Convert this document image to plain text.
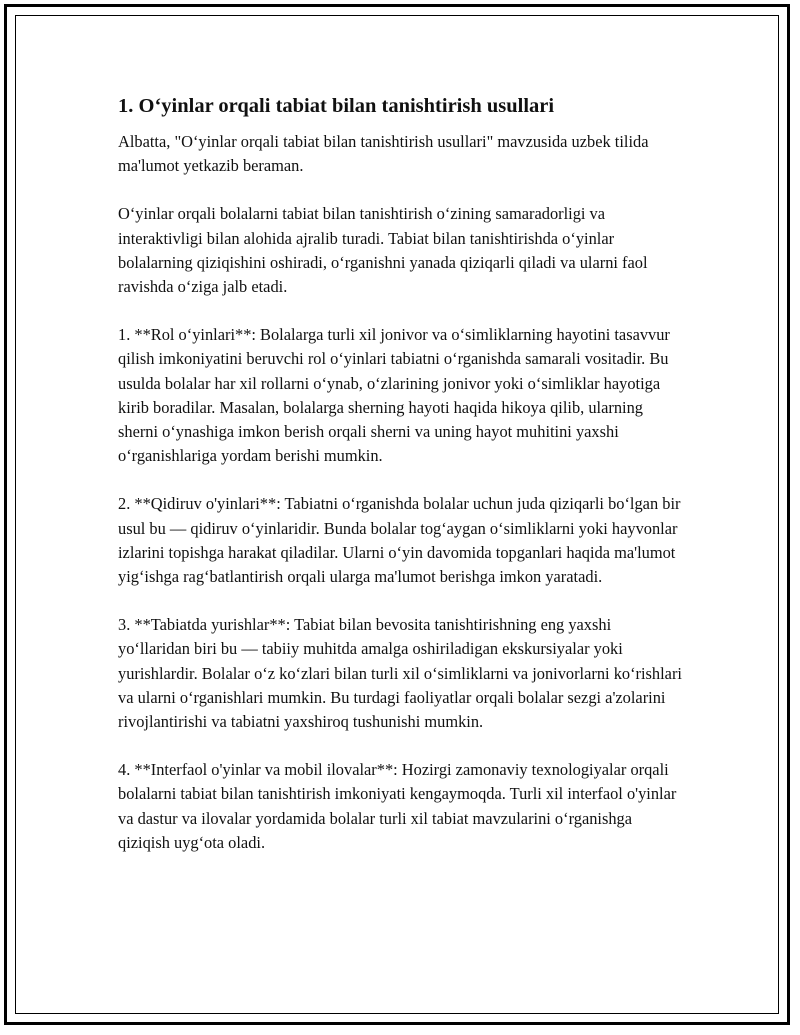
1. O‘yinlar orqali tabiat bilan tanishtirish usullari

Albatta, "O‘yinlar orqali tabiat bilan tanishtirish usullari" mavzusida uzbek tilida ma'lumot yetkazib beraman.

O‘yinlar orqali bolalarni tabiat bilan tanishtirish o‘zining samaradorligi va interaktivligi bilan alohida ajralib turadi. Tabiat bilan tanishtirishda o‘yinlar bolalarning qiziqishini oshiradi, o‘rganishni yanada qiziqarli qiladi va ularni faol ravishda o‘ziga jalb etadi.

1. **Rol o‘yinlari**: Bolalarga turli xil jonivor va o‘simliklarning hayotini tasavvur qilish imkoniyatini beruvchi rol o‘yinlari tabiatni o‘rganishda samarali vositadir. Bu usulda bolalar har xil rollarni o‘ynab, o‘zlarining jonivor yoki o‘simliklar hayotiga kirib boradilar. Masalan, bolalarga sherning hayoti haqida hikoya qilib, ularning sherni o‘ynashiga imkon berish orqali sherni va uning hayot muhitini yaxshi o‘rganishlariga yordam berishi mumkin.

2. **Qidiruv o'yinlari**: Tabiatni o‘rganishda bolalar uchun juda qiziqarli bo‘lgan bir usul bu — qidiruv o‘yinlaridir. Bunda bolalar tog‘aygan o‘simliklarni yoki hayvonlar izlarini topishga harakat qiladilar. Ularni o‘yin davomida topganlari haqida ma'lumot yig‘ishga rag‘batlantirish orqali ularga ma'lumot berishga imkon yaratadi.

3. **Tabiatda yurishlar**: Tabiat bilan bevosita tanishtirishning eng yaxshi yo‘llaridan biri bu — tabiiy muhitda amalga oshiriladigan ekskursiyalar yoki yurishlardir. Bolalar o‘z ko‘zlari bilan turli xil o‘simliklarni va jonivorlarni ko‘rishlari va ularni o‘rganishlari mumkin. Bu turdagi faoliyatlar orqali bolalar sezgi a'zolarini rivojlantirishi va tabiatni yaxshiroq tushunishi mumkin.

4. **Interfaol o'yinlar va mobil ilovalar**: Hozirgi zamonaviy texnologiyalar orqali bolalarni tabiat bilan tanishtirish imkoniyati kengaymoqda. Turli xil interfaol o'yinlar va dastur va ilovalar yordamida bolalar turli xil tabiat mavzularini o‘rganishga qiziqish uyg‘ota oladi.
